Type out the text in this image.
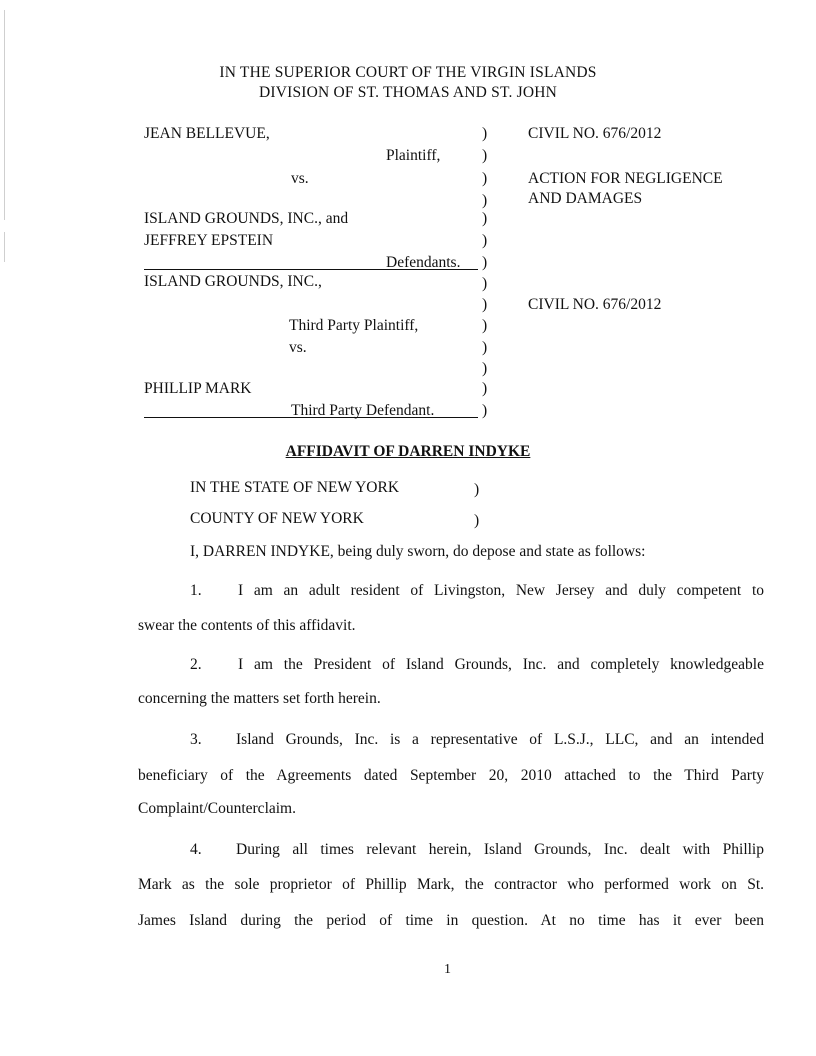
IN THE SUPERIOR COURT OF THE VIRGIN ISLANDS
DIVISION OF ST. THOMAS AND ST. JOHN
JEAN BELLEVUE,
Plaintiff,
vs.
ISLAND GROUNDS, INC., and
JEFFREY EPSTEIN
Defendants.
ISLAND GROUNDS, INC.,
Third Party Plaintiff,
vs.
PHILLIP MARK
Third Party Defendant.
)
)
)
)
)
)
)
)
)
)
)
)
)
)
CIVIL NO. 676/2012
ACTION FOR NEGLIGENCE
AND DAMAGES
CIVIL NO. 676/2012
AFFIDAVIT OF DARREN INDYKE
IN THE STATE OF NEW YORK	)
COUNTY OF NEW YORK	)
I, DARREN INDYKE, being duly sworn, do depose and state as follows:
1. I am an adult resident of Livingston, New Jersey and duly competent to
swear the contents of this affidavit.
2. I am the President of Island Grounds, Inc. and completely knowledgeable
concerning the matters set forth herein.
3. Island Grounds, Inc. is a representative of L.S.J., LLC, and an intended
beneficiary of the Agreements dated September 20, 2010 attached to the Third Party
Complaint/Counterclaim.
4. During all times relevant herein, Island Grounds, Inc. dealt with Phillip
Mark as the sole proprietor of Phillip Mark, the contractor who performed work on St.
James Island during the period of time in question. At no time has it ever been
1
